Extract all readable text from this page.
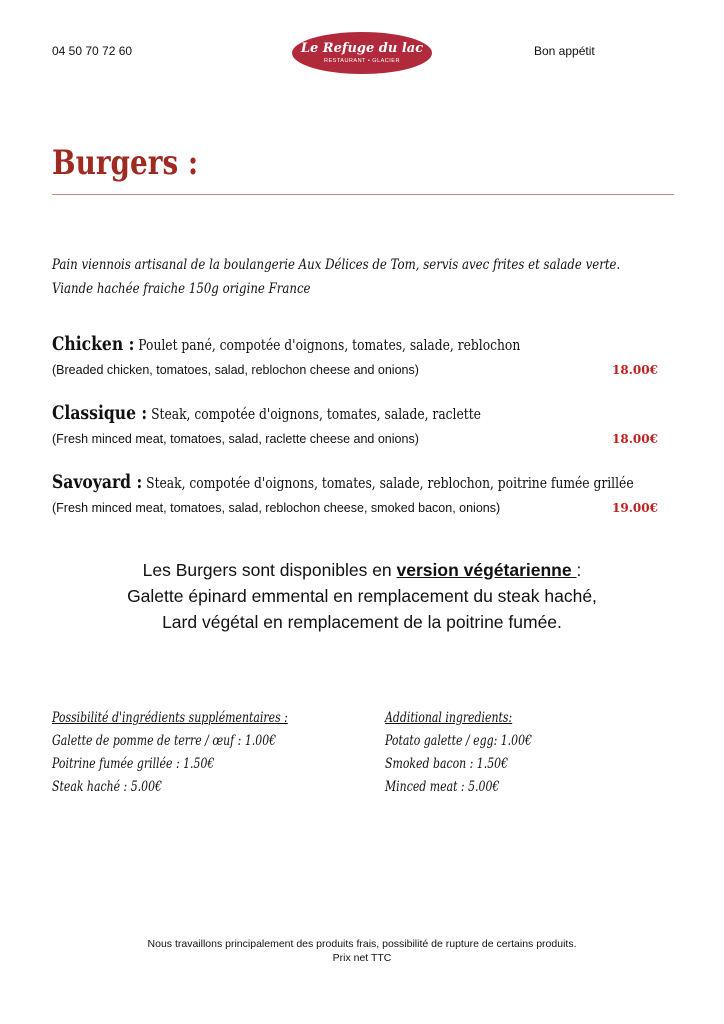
04 50 70 72 60	Le Refuge du lac
RESTAURANT • GLACIER
Bon appétit
Burgers :
Pain viennois artisanal de la boulangerie Aux Délices de Tom, servis avec frites et salade verte.
Viande hachée fraiche 150g origine France
Chicken : Poulet pané, compotée d'oignons, tomates, salade, reblochon
(Breaded chicken, tomatoes, salad, reblochon cheese and onions)	18.00€
Classique : Steak, compotée d'oignons, tomates, salade, raclette
(Fresh minced meat, tomatoes, salad, raclette cheese and onions)	18.00€
Savoyard : Steak, compotée d'oignons, tomates, salade, reblochon, poitrine fumée grillée
(Fresh minced meat, tomatoes, salad, reblochon cheese, smoked bacon, onions)	19.00€
Les Burgers sont disponibles en version végétarienne :
Galette épinard emmental en remplacement du steak haché,
Lard végétal en remplacement de la poitrine fumée.
Possibilité d'ingrédients supplémentaires :
Galette de pomme de terre / œuf : 1.00€
Poitrine fumée grillée : 1.50€
Steak haché : 5.00€
Additional ingredients:
Potato galette / egg: 1.00€
Smoked bacon : 1.50€
Minced meat : 5.00€
Nous travaillons principalement des produits frais, possibilité de rupture de certains produits.
Prix net TTC
